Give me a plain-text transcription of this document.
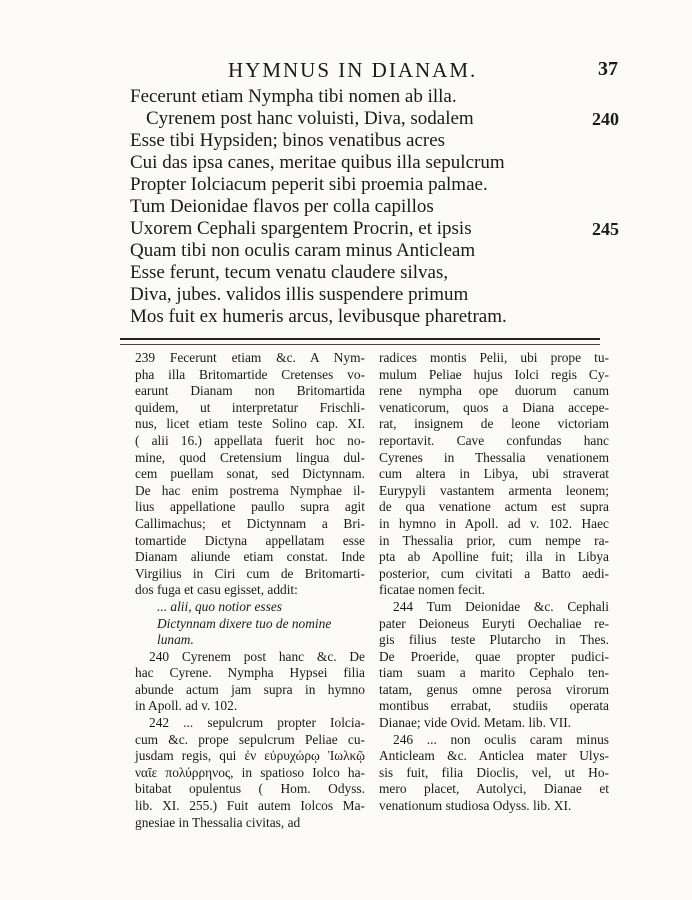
HYMNUS IN DIANAM.	37
Fecerunt etiam Nympha tibi nomen ab illa.
Cyrenem post hanc voluisti, Diva, sodalem	240
Esse tibi Hypsiden; binos venatibus acres
Cui das ipsa canes, meritae quibus illa sepulcrum
Propter Iolciacum peperit sibi proemia palmae.
Tum Deionidae flavos per colla capillos
Uxorem Cephali spargentem Procrin, et ipsis	245
Quam tibi non oculis caram minus Anticleam
Esse ferunt, tecum venatu claudere silvas,
Diva, jubes. validos illis suspendere primum
Mos fuit ex humeris arcus, levibusque pharetram.
239 Fecerunt etiam &c. A Nym-
pha illa Britomartide Cretenses vo-
earunt Dianam non Britomartida
quidem, ut interpretatur Frischli-
nus, licet etiam teste Solino cap. XI.
( alii 16.) appellata fuerit hoc no-
mine, quod Cretensium lingua dul-
cem puellam sonat, sed Dictynnam.
De hac enim postrema Nymphae il-
lius appellatione paullo supra agit
Callimachus; et Dictynnam a Bri-
tomartide Dictyna appellatam esse
Dianam aliunde etiam constat. Inde
Virgilius in Ciri cum de Britomarti-
dos fuga et casu egisset, addit:
... alii, quo notior esses
Dictynnam dixere tuo de nomine
lunam.
240 Cyrenem post hanc &c. De
hac Cyrene. Nympha Hypsei filia
abunde actum jam supra in hymno
in Apoll. ad v. 102.
242 ... sepulcrum propter Iolcia-
cum &c. prope sepulcrum Peliae cu-
jusdam regis, qui ἐν εὐρυχώρῳ Ἰωλκῷ
ναῖε πολύρρηνος, in spatioso Iolco ha-
bitabat opulentus ( Hom. Odyss.
lib. XI. 255.) Fuit autem Iolcos Ma-
gnesiae in Thessalia civitas, ad
radices montis Pelii, ubi prope tu-
mulum Peliae hujus Iolci regis Cy-
rene nympha ope duorum canum
venaticorum, quos a Diana accepe-
rat, insignem de leone victoriam
reportavit. Cave confundas hanc
Cyrenes in Thessalia venationem
cum altera in Libya, ubi straverat
Eurypyli vastantem armenta leonem;
de qua venatione actum est supra
in hymno in Apoll. ad v. 102. Haec
in Thessalia prior, cum nempe ra-
pta ab Apolline fuit; illa in Libya
posterior, cum civitati a Batto aedi-
ficatae nomen fecit.
244 Tum Deionidae &c. Cephali
pater Deioneus Euryti Oechaliae re-
gis filius teste Plutarcho in Thes.
De Proeride, quae propter pudici-
tiam suam a marito Cephalo ten-
tatam, genus omne perosa virorum
montibus errabat, studiis operata
Dianae; vide Ovid. Metam. lib. VII.
246 ... non oculis caram minus
Anticleam &c. Anticlea mater Ulys-
sis fuit, filia Dioclis, vel, ut Ho-
mero placet, Autolyci, Dianae et
venationum studiosa Odyss. lib. XI.
